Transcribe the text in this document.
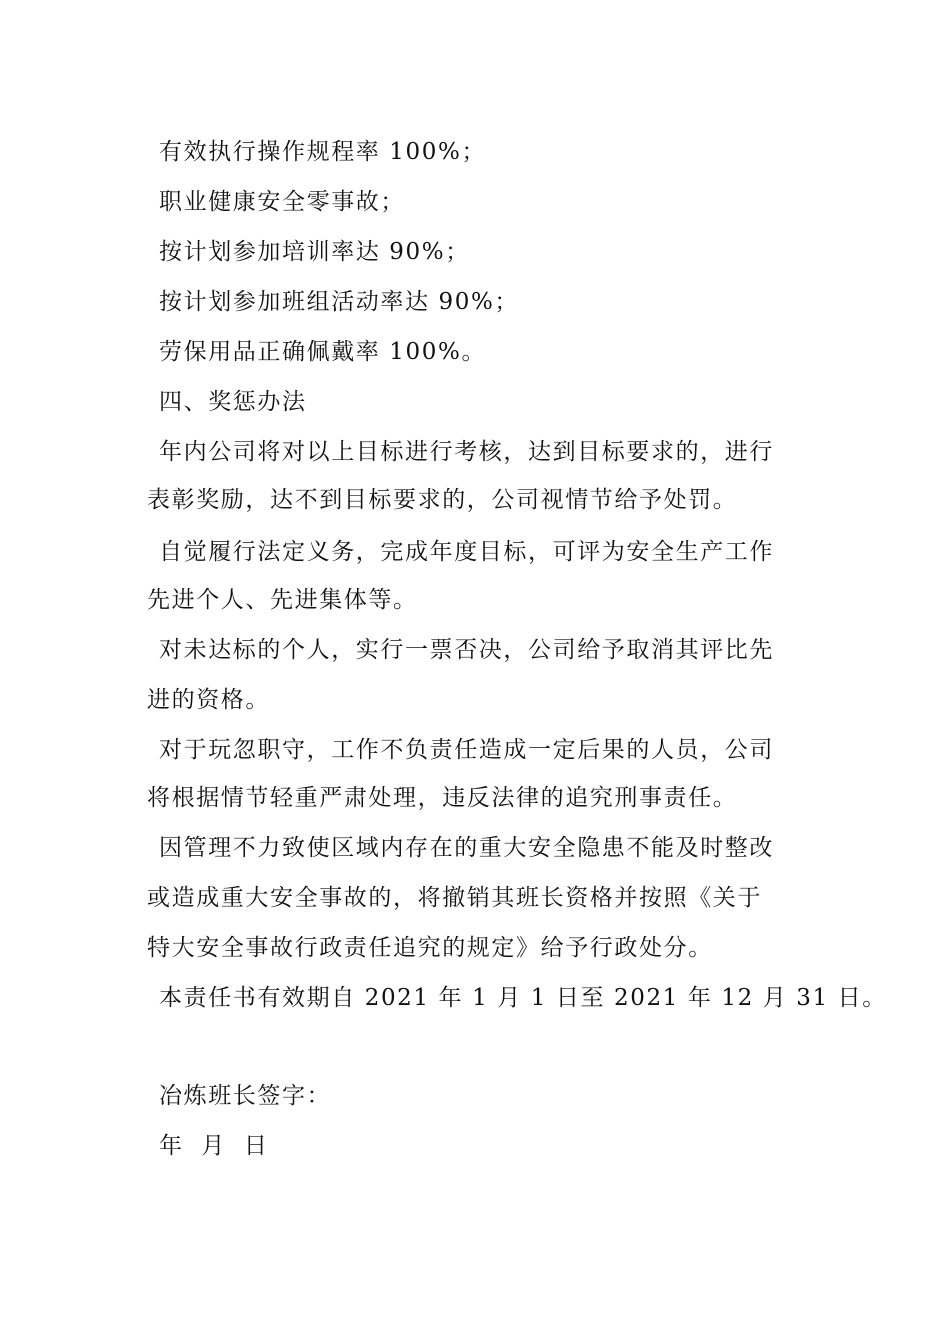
有效执行操作规程率 100%；
职业健康安全零事故；
按计划参加培训率达 90%；
按计划参加班组活动率达 90%；
劳保用品正确佩戴率 100%。
四、奖惩办法
年内公司将对以上目标进行考核，达到目标要求的，进行
表彰奖励，达不到目标要求的，公司视情节给予处罚。
自觉履行法定义务，完成年度目标，可评为安全生产工作
先进个人、先进集体等。
对未达标的个人，实行一票否决，公司给予取消其评比先
进的资格。
对于玩忽职守，工作不负责任造成一定后果的人员，公司
将根据情节轻重严肃处理，违反法律的追究刑事责任。
因管理不力致使区域内存在的重大安全隐患不能及时整改
或造成重大安全事故的，将撤销其班长资格并按照《关于
特大安全事故行政责任追究的规定》给予行政处分。
本责任书有效期自 2021 年 1 月 1 日至 2021 年 12 月 31 日。
冶炼班长签字：
年  月  日
